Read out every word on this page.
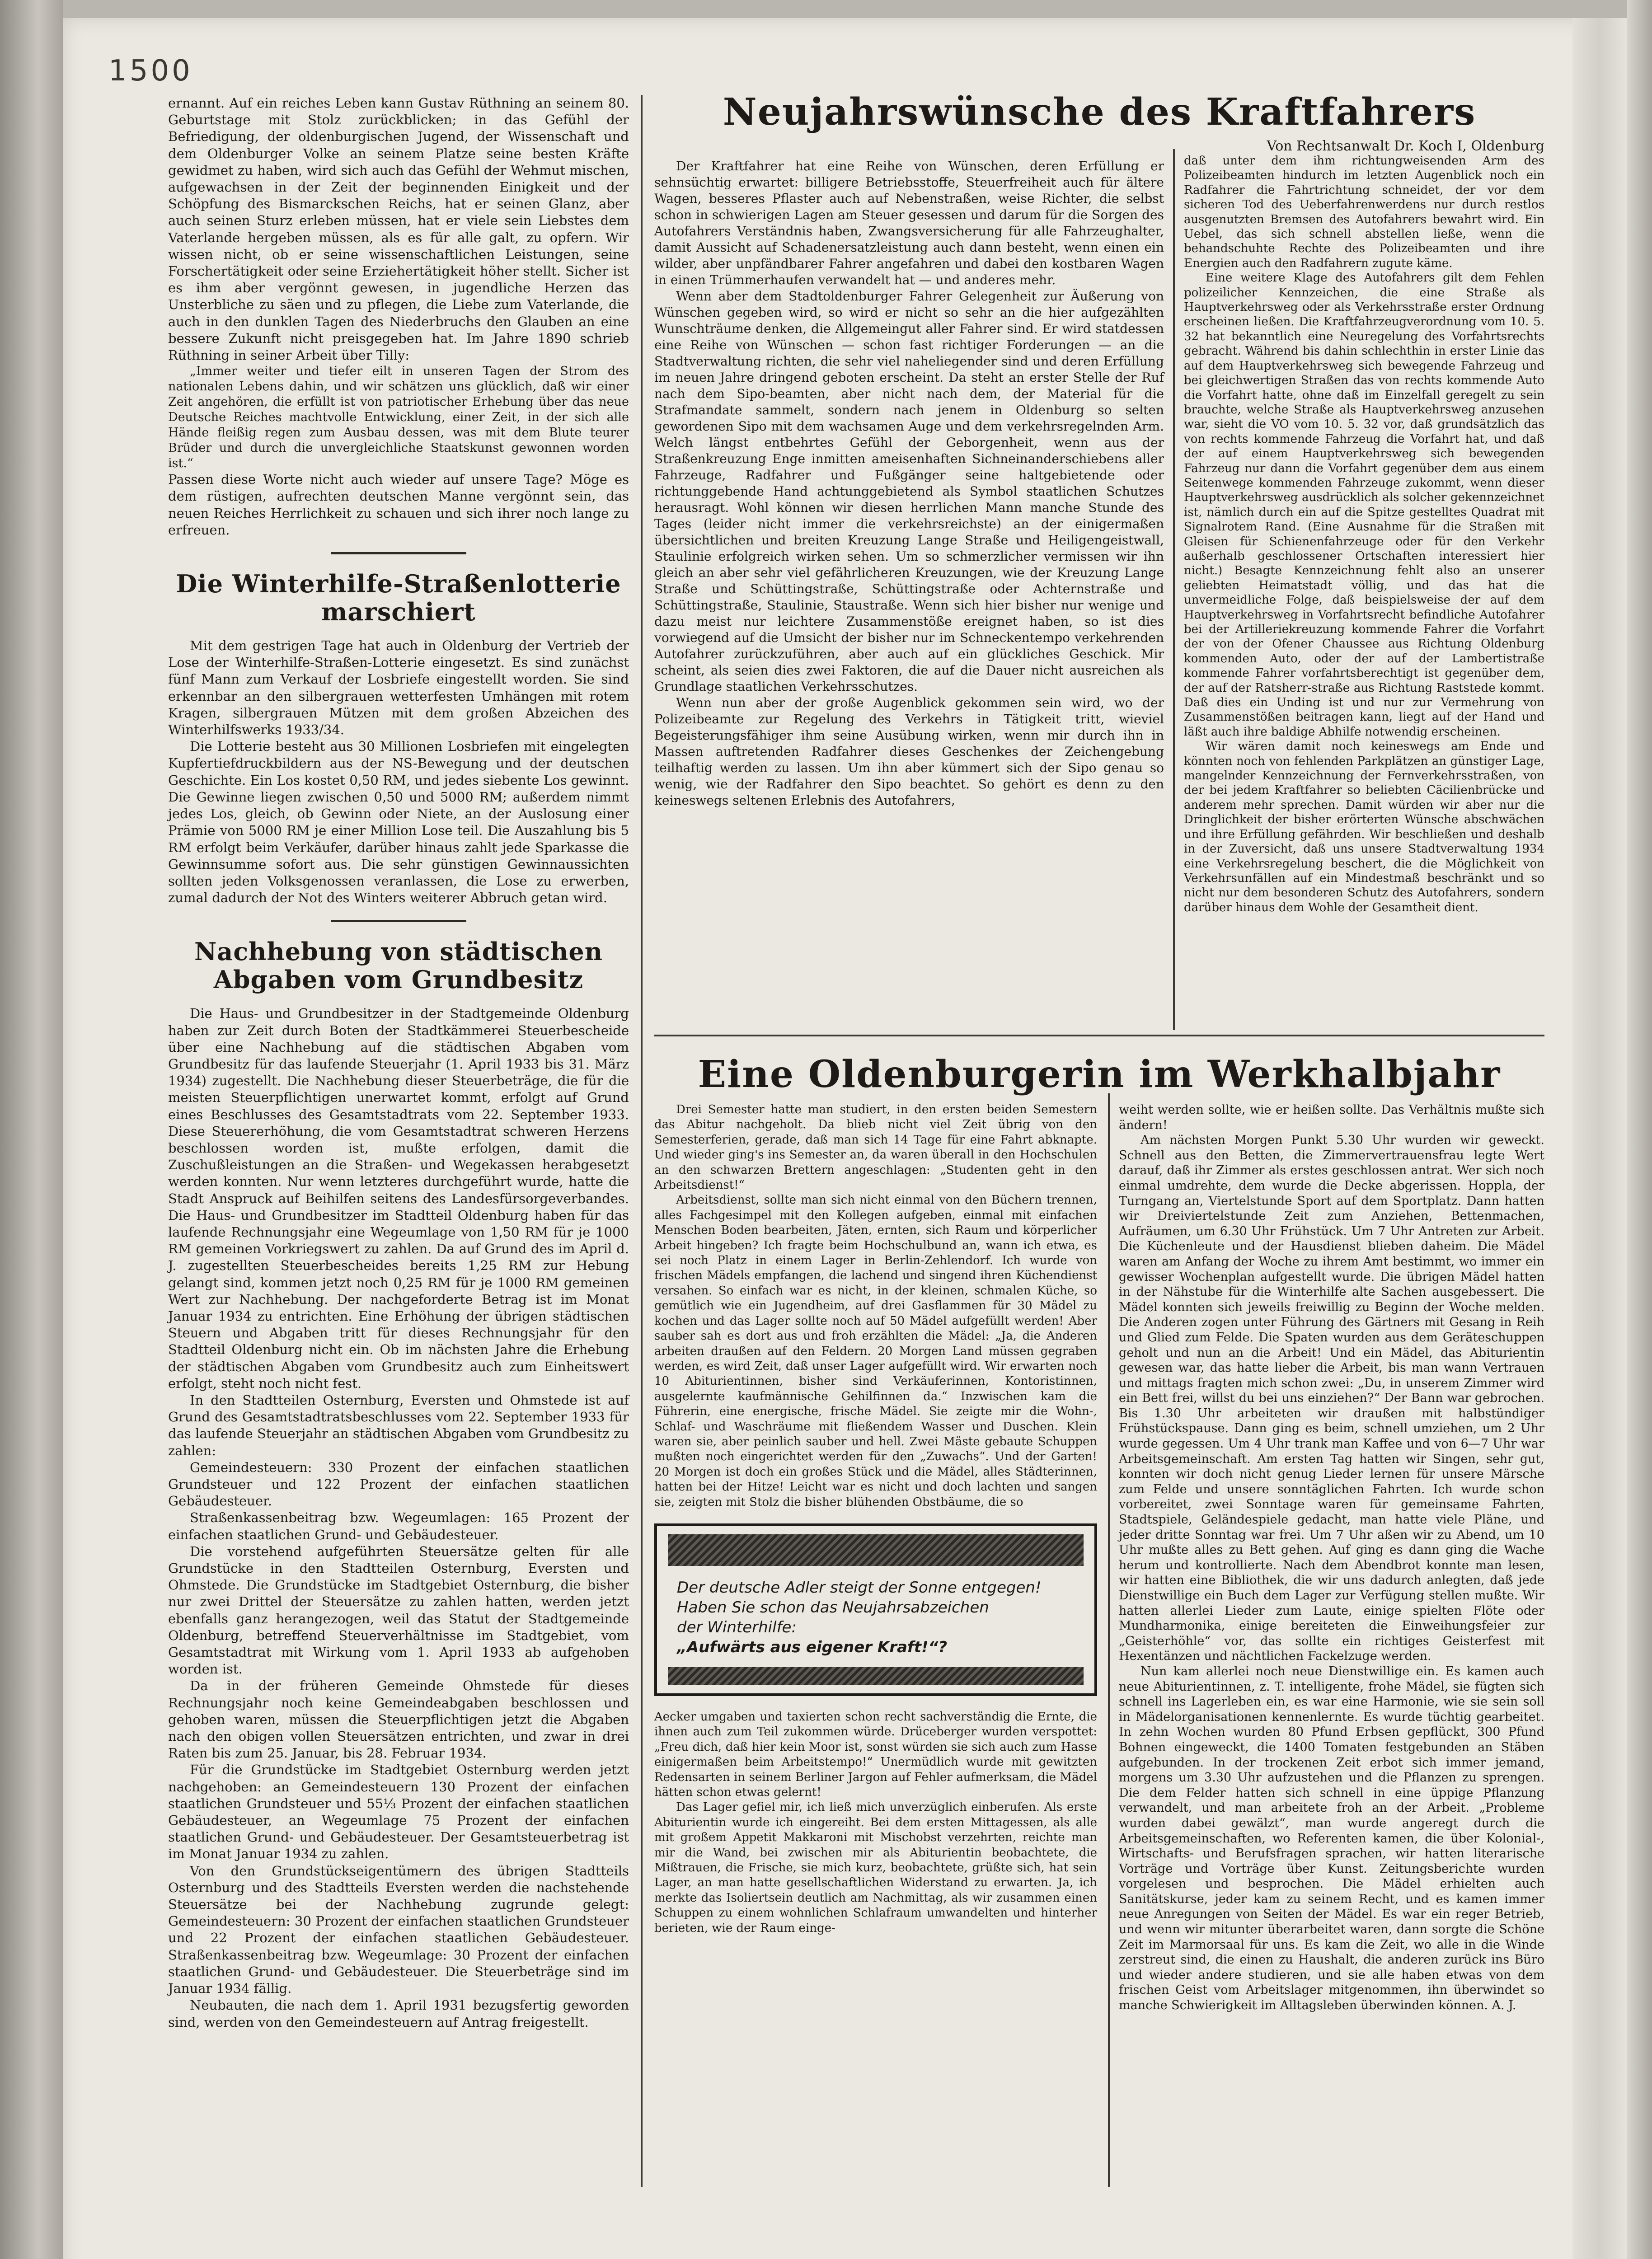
1500

ernannt. Auf ein reiches Leben kann Gustav Rüthning an seinem 80. Geburtstage mit Stolz zurückblicken; in das Gefühl der Befriedigung, der oldenburgischen Jugend, der Wissenschaft und dem Oldenburger Volke an seinem Platze seine besten Kräfte gewidmet zu haben, wird sich auch das Gefühl der Wehmut mischen, aufgewachsen in der Zeit der beginnenden Einigkeit und der Schöpfung des Bismarckschen Reichs, hat er seinen Glanz, aber auch seinen Sturz erleben müssen, hat er viele sein Liebstes dem Vaterlande hergeben müssen, als es für alle galt, zu opfern. Wir wissen nicht, ob er seine wissenschaftlichen Leistungen, seine Forschertätigkeit oder seine Erziehertätigkeit höher stellt. Sicher ist es ihm aber vergönnt gewesen, in jugendliche Herzen das Unsterbliche zu säen und zu pflegen, die Liebe zum Vaterlande, die auch in den dunklen Tagen des Niederbruchs den Glauben an eine bessere Zukunft nicht preisgegeben hat. Im Jahre 1890 schrieb Rüthning in seiner Arbeit über Tilly:

„Immer weiter und tiefer eilt in unseren Tagen der Strom des nationalen Lebens dahin, und wir schätzen uns glücklich, daß wir einer Zeit angehören, die erfüllt ist von patriotischer Erhebung über das neue Deutsche Reiches machtvolle Entwicklung, einer Zeit, in der sich alle Hände fleißig regen zum Ausbau dessen, was mit dem Blute teurer Brüder und durch die unvergleichliche Staatskunst gewonnen worden ist.“

Passen diese Worte nicht auch wieder auf unsere Tage? Möge es dem rüstigen, aufrechten deutschen Manne vergönnt sein, das neuen Reiches Herrlichkeit zu schauen und sich ihrer noch lange zu erfreuen.

Die Winterhilfe-Straßenlotterie marschiert

Mit dem gestrigen Tage hat auch in Oldenburg der Vertrieb der Lose der Winterhilfe-Straßen-Lotterie eingesetzt. Es sind zunächst fünf Mann zum Verkauf der Losbriefe eingestellt worden. Sie sind erkennbar an den silbergrauen wetterfesten Umhängen mit rotem Kragen, silbergrauen Mützen mit dem großen Abzeichen des Winterhilfswerks 1933/34.

Die Lotterie besteht aus 30 Millionen Losbriefen mit eingelegten Kupfertiefdruckbildern aus der NS-Bewegung und der deutschen Geschichte. Ein Los kostet 0,50 RM, und jedes siebente Los gewinnt. Die Gewinne liegen zwischen 0,50 und 5000 RM; außerdem nimmt jedes Los, gleich, ob Gewinn oder Niete, an der Auslosung einer Prämie von 5000 RM je einer Million Lose teil. Die Auszahlung bis 5 RM erfolgt beim Verkäufer, darüber hinaus zahlt jede Sparkasse die Gewinnsumme sofort aus. Die sehr günstigen Gewinnaussichten sollten jeden Volksgenossen veranlassen, die Lose zu erwerben, zumal dadurch der Not des Winters weiterer Abbruch getan wird.

Nachhebung von städtischen Abgaben vom Grundbesitz

Die Haus- und Grundbesitzer in der Stadtgemeinde Oldenburg haben zur Zeit durch Boten der Stadtkämmerei Steuerbescheide über eine Nachhebung auf die städtischen Abgaben vom Grundbesitz für das laufende Steuerjahr (1. April 1933 bis 31. März 1934) zugestellt. Die Nachhebung dieser Steuerbeträge, die für die meisten Steuerpflichtigen unerwartet kommt, erfolgt auf Grund eines Beschlusses des Gesamtstadtrats vom 22. September 1933. Diese Steuererhöhung, die vom Gesamtstadtrat schweren Herzens beschlossen worden ist, mußte erfolgen, damit die Zuschußleistungen an die Straßen- und Wegekassen herabgesetzt werden konnten. Nur wenn letzteres durchgeführt wurde, hatte die Stadt Anspruck auf Beihilfen seitens des Landesfürsorgeverbandes. Die Haus- und Grundbesitzer im Stadtteil Oldenburg haben für das laufende Rechnungsjahr eine Wegeumlage von 1,50 RM für je 1000 RM gemeinen Vorkriegswert zu zahlen. Da auf Grund des im April d. J. zugestellten Steuerbescheides bereits 1,25 RM zur Hebung gelangt sind, kommen jetzt noch 0,25 RM für je 1000 RM gemeinen Wert zur Nachhebung. Der nachgeforderte Betrag ist im Monat Januar 1934 zu entrichten. Eine Erhöhung der übrigen städtischen Steuern und Abgaben tritt für dieses Rechnungsjahr für den Stadtteil Oldenburg nicht ein. Ob im nächsten Jahre die Erhebung der städtischen Abgaben vom Grundbesitz auch zum Einheitswert erfolgt, steht noch nicht fest.

In den Stadtteilen Osternburg, Eversten und Ohmstede ist auf Grund des Gesamtstadtratsbeschlusses vom 22. September 1933 für das laufende Steuerjahr an städtischen Abgaben vom Grundbesitz zu zahlen:

Gemeindesteuern: 330 Prozent der einfachen staatlichen Grundsteuer und 122 Prozent der einfachen staatlichen Gebäudesteuer.

Straßenkassenbeitrag bzw. Wegeumlagen: 165 Prozent der einfachen staatlichen Grund- und Gebäudesteuer.

Die vorstehend aufgeführten Steuersätze gelten für alle Grundstücke in den Stadtteilen Osternburg, Eversten und Ohmstede. Die Grundstücke im Stadtgebiet Osternburg, die bisher nur zwei Drittel der Steuersätze zu zahlen hatten, werden jetzt ebenfalls ganz herangezogen, weil das Statut der Stadtgemeinde Oldenburg, betreffend Steuerverhältnisse im Stadtgebiet, vom Gesamtstadtrat mit Wirkung vom 1. April 1933 ab aufgehoben worden ist.

Da in der früheren Gemeinde Ohmstede für dieses Rechnungsjahr noch keine Gemeindeabgaben beschlossen und gehoben waren, müssen die Steuerpflichtigen jetzt die Abgaben nach den obigen vollen Steuersätzen entrichten, und zwar in drei Raten bis zum 25. Januar, bis 28. Februar 1934.

Für die Grundstücke im Stadtgebiet Osternburg werden jetzt nachgehoben: an Gemeindesteuern 130 Prozent der einfachen staatlichen Grundsteuer und 55⅓ Prozent der einfachen staatlichen Gebäudesteuer, an Wegeumlage 75 Prozent der einfachen staatlichen Grund- und Gebäudesteuer. Der Gesamtsteuerbetrag ist im Monat Januar 1934 zu zahlen.

Von den Grundstückseigentümern des übrigen Stadtteils Osternburg und des Stadtteils Eversten werden die nachstehende Steuersätze bei der Nachhebung zugrunde gelegt: Gemeindesteuern: 30 Prozent der einfachen staatlichen Grundsteuer und 22 Prozent der einfachen staatlichen Gebäudesteuer. Straßenkassenbeitrag bzw. Wegeumlage: 30 Prozent der einfachen staatlichen Grund- und Gebäudesteuer. Die Steuerbeträge sind im Januar 1934 fällig.

Neubauten, die nach dem 1. April 1931 bezugsfertig geworden sind, werden von den Gemeindesteuern auf Antrag freigestellt.

Neujahrswünsche des Kraftfahrers
Von Rechtsanwalt Dr. Koch I, Oldenburg

Der Kraftfahrer hat eine Reihe von Wünschen, deren Erfüllung er sehnsüchtig erwartet: billigere Betriebsstoffe, Steuerfreiheit auch für ältere Wagen, besseres Pflaster auch auf Nebenstraßen, weise Richter, die selbst schon in schwierigen Lagen am Steuer gesessen und darum für die Sorgen des Autofahrers Verständnis haben, Zwangsversicherung für alle Fahrzeughalter, damit Aussicht auf Schadenersatzleistung auch dann besteht, wenn einen ein wilder, aber unpfändbarer Fahrer angefahren und dabei den kostbaren Wagen in einen Trümmerhaufen verwandelt hat — und anderes mehr.

Wenn aber dem Stadtoldenburger Fahrer Gelegenheit zur Äußerung von Wünschen gegeben wird, so wird er nicht so sehr an die hier aufgezählten Wunschträume denken, die Allgemeingut aller Fahrer sind. Er wird statdessen eine Reihe von Wünschen — schon fast richtiger Forderungen — an die Stadtverwaltung richten, die sehr viel naheliegender sind und deren Erfüllung im neuen Jahre dringend geboten erscheint. Da steht an erster Stelle der Ruf nach dem Sipo-beamten, aber nicht nach dem, der Material für die Strafmandate sammelt, sondern nach jenem in Oldenburg so selten gewordenen Sipo mit dem wachsamen Auge und dem verkehrsregelnden Arm. Welch längst entbehrtes Gefühl der Geborgenheit, wenn aus der Straßenkreuzung Enge inmitten ameisenhaften Sichneinanderschiebens aller Fahrzeuge, Radfahrer und Fußgänger seine haltgebietende oder richtunggebende Hand achtunggebietend als Symbol staatlichen Schutzes herausragt. Wohl können wir diesen herrlichen Mann manche Stunde des Tages (leider nicht immer die verkehrsreichste) an der einigermaßen übersichtlichen und breiten Kreuzung Lange Straße und Heiligengeistwall, Staulinie erfolgreich wirken sehen. Um so schmerzlicher vermissen wir ihn gleich an aber sehr viel gefährlicheren Kreuzungen, wie der Kreuzung Lange Straße und Schüttingstraße, Schüttingstraße oder Achternstraße und Schüttingstraße, Staulinie, Staustraße. Wenn sich hier bisher nur wenige und dazu meist nur leichtere Zusammenstöße ereignet haben, so ist dies vorwiegend auf die Umsicht der bisher nur im Schneckentempo verkehrenden Autofahrer zurückzuführen, aber auch auf ein glückliches Geschick. Mir scheint, als seien dies zwei Faktoren, die auf die Dauer nicht ausreichen als Grundlage staatlichen Verkehrsschutzes.

Wenn nun aber der große Augenblick gekommen sein wird, wo der Polizeibeamte zur Regelung des Verkehrs in Tätigkeit tritt, wieviel Begeisterungsfähiger ihm seine Ausübung wirken, wenn mir durch ihn in Massen auftretenden Radfahrer dieses Geschenkes der Zeichengebung teilhaftig werden zu lassen. Um ihn aber kümmert sich der Sipo genau so wenig, wie der Radfahrer den Sipo beachtet. So gehört es denn zu den keineswegs seltenen Erlebnis des Autofahrers,

daß unter dem ihm richtungweisenden Arm des Polizeibeamten hindurch im letzten Augenblick noch ein Radfahrer die Fahrtrichtung schneidet, der vor dem sicheren Tod des Ueberfahrenwerdens nur durch restlos ausgenutzten Bremsen des Autofahrers bewahrt wird. Ein Uebel, das sich schnell abstellen ließe, wenn die behandschuhte Rechte des Polizeibeamten und ihre Energien auch den Radfahrern zugute käme.

Eine weitere Klage des Autofahrers gilt dem Fehlen polizeilicher Kennzeichen, die eine Straße als Hauptverkehrsweg oder als Verkehrsstraße erster Ordnung erscheinen ließen. Die Kraftfahrzeugverordnung vom 10. 5. 32 hat bekanntlich eine Neuregelung des Vorfahrtsrechts gebracht. Während bis dahin schlechthin in erster Linie das auf dem Hauptverkehrsweg sich bewegende Fahrzeug und bei gleichwertigen Straßen das von rechts kommende Auto die Vorfahrt hatte, ohne daß im Einzelfall geregelt zu sein brauchte, welche Straße als Hauptverkehrsweg anzusehen war, sieht die VO vom 10. 5. 32 vor, daß grundsätzlich das von rechts kommende Fahrzeug die Vorfahrt hat, und daß der auf einem Hauptverkehrsweg sich bewegenden Fahrzeug nur dann die Vorfahrt gegenüber dem aus einem Seitenwege kommenden Fahrzeuge zukommt, wenn dieser Hauptverkehrsweg ausdrücklich als solcher gekennzeichnet ist, nämlich durch ein auf die Spitze gestelltes Quadrat mit Signalrotem Rand. (Eine Ausnahme für die Straßen mit Gleisen für Schienenfahrzeuge oder für den Verkehr außerhalb geschlossener Ortschaften interessiert hier nicht.) Besagte Kennzeichnung fehlt also an unserer geliebten Heimatstadt völlig, und das hat die unvermeidliche Folge, daß beispielsweise der auf dem Hauptverkehrsweg in Vorfahrtsrecht befindliche Autofahrer bei der Artilleriekreuzung kommende Fahrer die Vorfahrt der von der Ofener Chaussee aus Richtung Oldenburg kommenden Auto, oder der auf der Lambertistraße kommende Fahrer vorfahrtsberechtigt ist gegenüber dem, der auf der Ratsherr-straße aus Richtung Raststede kommt. Daß dies ein Unding ist und nur zur Vermehrung von Zusammenstößen beitragen kann, liegt auf der Hand und läßt auch ihre baldige Abhilfe notwendig erscheinen.

Wir wären damit noch keineswegs am Ende und könnten noch von fehlenden Parkplätzen an günstiger Lage, mangelnder Kennzeichnung der Fernverkehrsstraßen, von der bei jedem Kraftfahrer so beliebten Cäcilienbrücke und anderem mehr sprechen. Damit würden wir aber nur die Dringlichkeit der bisher erörterten Wünsche abschwächen und ihre Erfüllung gefährden. Wir beschließen und deshalb in der Zuversicht, daß uns unsere Stadtverwaltung 1934 eine Verkehrsregelung beschert, die die Möglichkeit von Verkehrsunfällen auf ein Mindestmaß beschränkt und so nicht nur dem besonderen Schutz des Autofahrers, sondern darüber hinaus dem Wohle der Gesamtheit dient.

Eine Oldenburgerin im Werkhalbjahr

Drei Semester hatte man studiert, in den ersten beiden Semestern das Abitur nachgeholt. Da blieb nicht viel Zeit übrig von den Semesterferien, gerade, daß man sich 14 Tage für eine Fahrt abknapte. Und wieder ging's ins Semester an, da waren überall in den Hochschulen an den schwarzen Brettern angeschlagen: „Studenten geht in den Arbeitsdienst!“

Arbeitsdienst, sollte man sich nicht einmal von den Büchern trennen, alles Fachgesimpel mit den Kollegen aufgeben, einmal mit einfachen Menschen Boden bearbeiten, Jäten, ernten, sich Raum und körperlicher Arbeit hingeben? Ich fragte beim Hochschulbund an, wann ich etwa, es sei noch Platz in einem Lager in Berlin-Zehlendorf. Ich wurde von frischen Mädels empfangen, die lachend und singend ihren Küchendienst versahen. So einfach war es nicht, in der kleinen, schmalen Küche, so gemütlich wie ein Jugendheim, auf drei Gasflammen für 30 Mädel zu kochen und das Lager sollte noch auf 50 Mädel aufgefüllt werden! Aber sauber sah es dort aus und froh erzählten die Mädel: „Ja, die Anderen arbeiten draußen auf den Feldern. 20 Morgen Land müssen gegraben werden, es wird Zeit, daß unser Lager aufgefüllt wird. Wir erwarten noch 10 Abiturientinnen, bisher sind Verkäuferinnen, Kontoristinnen, ausgelernte kaufmännische Gehilfinnen da.“ Inzwischen kam die Führerin, eine energische, frische Mädel. Sie zeigte mir die Wohn-, Schlaf- und Waschräume mit fließendem Wasser und Duschen. Klein waren sie, aber peinlich sauber und hell. Zwei Mäste gebaute Schuppen mußten noch eingerichtet werden für den „Zuwachs“. Und der Garten! 20 Morgen ist doch ein großes Stück und die Mädel, alles Städterinnen, hatten bei der Hitze! Leicht war es nicht und doch lachten und sangen sie, zeigten mit Stolz die bisher blühenden Obstbäume, die so

Der deutsche Adler steigt der Sonne entgegen!
Haben Sie schon das Neujahrsabzeichen
der Winterhilfe:
„Aufwärts aus eigener Kraft!“?

Aecker umgaben und taxierten schon recht sachverständig die Ernte, die ihnen auch zum Teil zukommen würde. Drüceberger wurden verspottet: „Freu dich, daß hier kein Moor ist, sonst würden sie sich auch zum Hasse einigermaßen beim Arbeitstempo!“ Unermüdlich wurde mit gewitzten Redensarten in seinem Berliner Jargon auf Fehler aufmerksam, die Mädel hätten schon etwas gelernt!

Das Lager gefiel mir, ich ließ mich unverzüglich einberufen. Als erste Abiturientin wurde ich eingereiht. Bei dem ersten Mittagessen, als alle mit großem Appetit Makkaroni mit Mischobst verzehrten, reichte man mir die Wand, bei zwischen mir als Abiturientin beobachtete, die Mißtrauen, die Frische, sie mich kurz, beobachtete, grüßte sich, hat sein Lager, an man hatte gesellschaftlichen Widerstand zu erwarten. Ja, ich merkte das Isoliertsein deutlich am Nachmittag, als wir zusammen einen Schuppen zu einem wohnlichen Schlafraum umwandelten und hinterher berieten, wie der Raum einge-

weiht werden sollte, wie er heißen sollte. Das Verhältnis mußte sich ändern!

Am nächsten Morgen Punkt 5.30 Uhr wurden wir geweckt. Schnell aus den Betten, die Zimmervertrauensfrau legte Wert darauf, daß ihr Zimmer als erstes geschlossen antrat. Wer sich noch einmal umdrehte, dem wurde die Decke abgerissen. Hoppla, der Turngang an, Viertelstunde Sport auf dem Sportplatz. Dann hatten wir Dreiviertelstunde Zeit zum Anziehen, Bettenmachen, Aufräumen, um 6.30 Uhr Frühstück. Um 7 Uhr Antreten zur Arbeit. Die Küchenleute und der Hausdienst blieben daheim. Die Mädel waren am Anfang der Woche zu ihrem Amt bestimmt, wo immer ein gewisser Wochenplan aufgestellt wurde. Die übrigen Mädel hatten in der Nähstube für die Winterhilfe alte Sachen ausgebessert. Die Mädel konnten sich jeweils freiwillig zu Beginn der Woche melden. Die Anderen zogen unter Führung des Gärtners mit Gesang in Reih und Glied zum Felde. Die Spaten wurden aus dem Geräteschuppen geholt und nun an die Arbeit! Und ein Mädel, das Abiturientin gewesen war, das hatte lieber die Arbeit, bis man wann Vertrauen und mittags fragten mich schon zwei: „Du, in unserem Zimmer wird ein Bett frei, willst du bei uns einziehen?“ Der Bann war gebrochen. Bis 1.30 Uhr arbeiteten wir draußen mit halbstündiger Frühstückspause. Dann ging es beim, schnell umziehen, um 2 Uhr wurde gegessen. Um 4 Uhr trank man Kaffee und von 6—7 Uhr war Arbeitsgemeinschaft. Am ersten Tag hatten wir Singen, sehr gut, konnten wir doch nicht genug Lieder lernen für unsere Märsche zum Felde und unsere sonntäglichen Fahrten. Ich wurde schon vorbereitet, zwei Sonntage waren für gemeinsame Fahrten, Stadtspiele, Geländespiele gedacht, man hatte viele Pläne, und jeder dritte Sonntag war frei. Um 7 Uhr aßen wir zu Abend, um 10 Uhr mußte alles zu Bett gehen. Auf ging es dann ging die Wache herum und kontrollierte. Nach dem Abendbrot konnte man lesen, wir hatten eine Bibliothek, die wir uns dadurch anlegten, daß jede Dienstwillige ein Buch dem Lager zur Verfügung stellen mußte. Wir hatten allerlei Lieder zum Laute, einige spielten Flöte oder Mundharmonika, einige bereiteten die Einweihungsfeier zur „Geisterhöhle“ vor, das sollte ein richtiges Geisterfest mit Hexentänzen und nächtlichen Fackelzuge werden.

Nun kam allerlei noch neue Dienstwillige ein. Es kamen auch neue Abiturientinnen, z. T. intelligente, frohe Mädel, sie fügten sich schnell ins Lagerleben ein, es war eine Harmonie, wie sie sein soll in Mädelorganisationen kennenlernte. Es wurde tüchtig gearbeitet. In zehn Wochen wurden 80 Pfund Erbsen gepflückt, 300 Pfund Bohnen eingeweckt, die 1400 Tomaten festgebunden an Stäben aufgebunden. In der trockenen Zeit erbot sich immer jemand, morgens um 3.30 Uhr aufzustehen und die Pflanzen zu sprengen. Die dem Felder hatten sich schnell in eine üppige Pflanzung verwandelt, und man arbeitete froh an der Arbeit. „Probleme wurden dabei gewälzt“, man wurde angeregt durch die Arbeitsgemeinschaften, wo Referenten kamen, die über Kolonial-, Wirtschafts- und Berufsfragen sprachen, wir hatten literarische Vorträge und Vorträge über Kunst. Zeitungsberichte wurden vorgelesen und besprochen. Die Mädel erhielten auch Sanitätskurse, jeder kam zu seinem Recht, und es kamen immer neue Anregungen von Seiten der Mädel. Es war ein reger Betrieb, und wenn wir mitunter überarbeitet waren, dann sorgte die Schöne Zeit im Marmorsaal für uns. Es kam die Zeit, wo alle in die Winde zerstreut sind, die einen zu Haushalt, die anderen zurück ins Büro und wieder andere studieren, und sie alle haben etwas von dem frischen Geist vom Arbeitslager mitgenommen, ihn überwindet so manche Schwierigkeit im Alltagsleben überwinden können. A. J.
